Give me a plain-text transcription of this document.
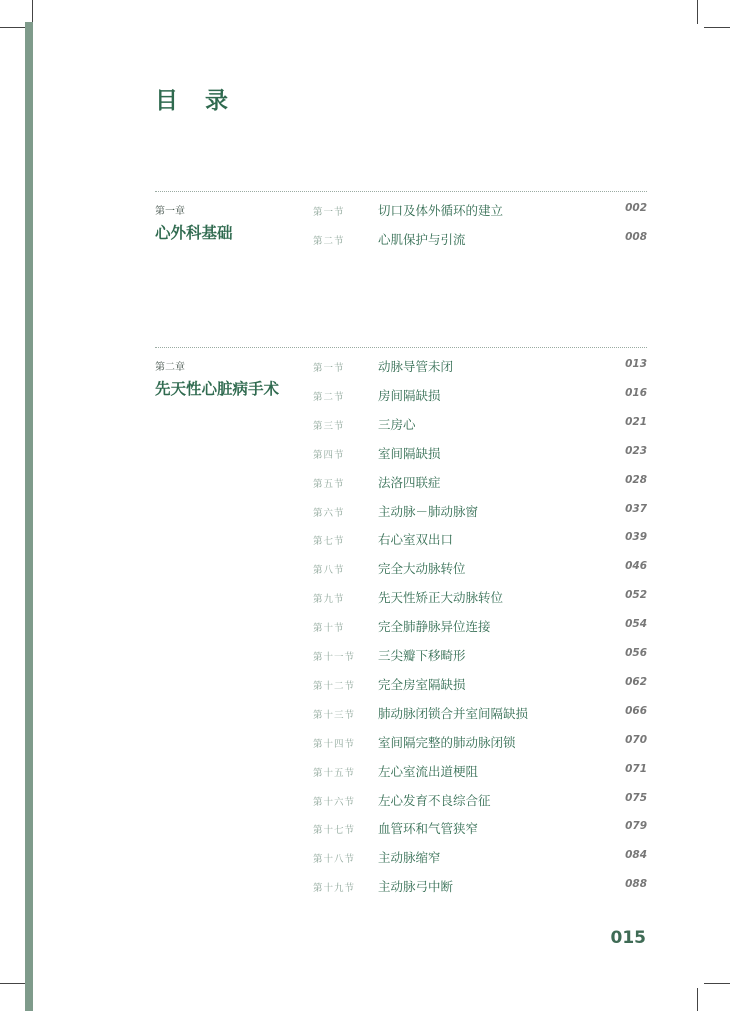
目　录
第一章
心外科基础
第一节	切口及体外循环的建立	002
第二节	心肌保护与引流	008
第二章
先天性心脏病手术
第一节	动脉导管未闭	013
第二节	房间隔缺损	016
第三节	三房心	021
第四节	室间隔缺损	023
第五节	法洛四联症	028
第六节	主动脉－肺动脉窗	037
第七节	右心室双出口	039
第八节	完全大动脉转位	046
第九节	先天性矫正大动脉转位	052
第十节	完全肺静脉异位连接	054
第十一节 三尖瓣下移畸形	056
第十二节 完全房室隔缺损	062
第十三节 肺动脉闭锁合并室间隔缺损	066
第十四节 室间隔完整的肺动脉闭锁	070
第十五节 左心室流出道梗阻	071
第十六节 左心发育不良综合征	075
第十七节 血管环和气管狭窄	079
第十八节 主动脉缩窄	084
第十九节 主动脉弓中断	088
015
